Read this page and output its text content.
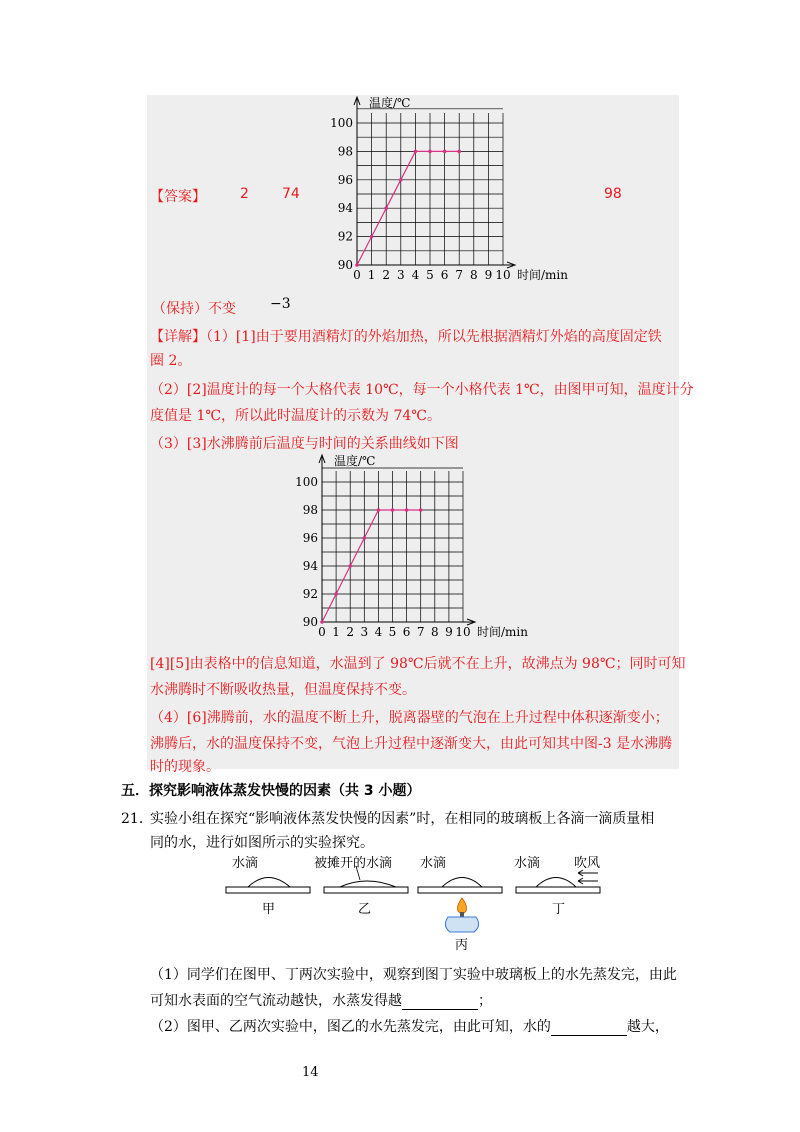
【答案】 2 74	98
（保持）不变 −3
90
92
94
96
98
100
0 1 2 3 4 5 6 7 8 9 10
温度/℃
时间/min
【详解】（1）[1]由于要用酒精灯的外焰加热，所以先根据酒精灯外焰的高度固定铁
圈 2。
（2）[2]温度计的每一个大格代表 10℃，每一个小格代表 1℃，由图甲可知，温度计分
度值是 1℃，所以此时温度计的示数为 74℃。
（3）[3]水沸腾前后温度与时间的关系曲线如下图
90
92
94
96
98
100
0 1 2 3 4 5 6 7 8 9 10
温度/℃
时间/min
[4][5]由表格中的信息知道，水温到了 98℃后就不在上升，故沸点为 98℃；同时可知
水沸腾时不断吸收热量，但温度保持不变。
（4）[6]沸腾前，水的温度不断上升，脱离器壁的气泡在上升过程中体积逐渐变小；
沸腾后，水的温度保持不变，气泡上升过程中逐渐变大，由此可知其中图-3 是水沸腾
时的现象。
五．探究影响液体蒸发快慢的因素（共 3 小题）
21．
实验小组在探究“影响液体蒸发快慢的因素”时，在相同的玻璃板上各滴一滴质量相
同的水，进行如图所示的实验探究。
水滴	被摊开的水滴 水滴	水滴	吹风
甲	乙
丙
丁
（1）同学们在图甲、丁两次实验中，观察到图丁实验中玻璃板上的水先蒸发完，由此
可知水表面的空气流动越快，水蒸发得越	；
（2）图甲、乙两次实验中，图乙的水先蒸发完，由此可知，水的	越大，
14
